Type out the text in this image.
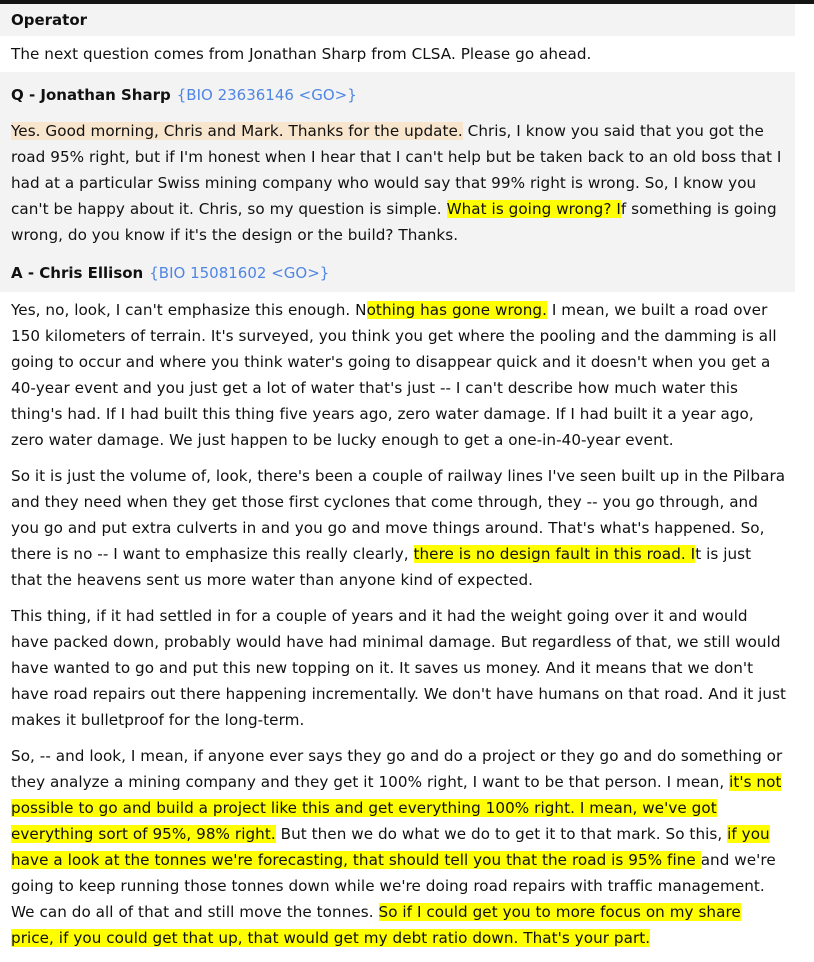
Operator

The next question comes from Jonathan Sharp from CLSA. Please go ahead.

Q - Jonathan Sharp {BIO 23636146 <GO>}

Yes. Good morning, Chris and Mark. Thanks for the update. Chris, I know you said that you got the road 95% right, but if I'm honest when I hear that I can't help but be taken back to an old boss that I had at a particular Swiss mining company who would say that 99% right is wrong. So, I know you can't be happy about it. Chris, so my question is simple. What is going wrong? If something is going wrong, do you know if it's the design or the build? Thanks.

A - Chris Ellison {BIO 15081602 <GO>}

Yes, no, look, I can't emphasize this enough. Nothing has gone wrong. I mean, we built a road over 150 kilometers of terrain. It's surveyed, you think you get where the pooling and the damming is all going to occur and where you think water's going to disappear quick and it doesn't when you get a 40-year event and you just get a lot of water that's just -- I can't describe how much water this thing's had. If I had built this thing five years ago, zero water damage. If I had built it a year ago, zero water damage. We just happen to be lucky enough to get a one-in-40-year event.

So it is just the volume of, look, there's been a couple of railway lines I've seen built up in the Pilbara and they need when they get those first cyclones that come through, they -- you go through, and you go and put extra culverts in and you go and move things around. That's what's happened. So, there is no -- I want to emphasize this really clearly, there is no design fault in this road. It is just that the heavens sent us more water than anyone kind of expected.

This thing, if it had settled in for a couple of years and it had the weight going over it and would have packed down, probably would have had minimal damage. But regardless of that, we still would have wanted to go and put this new topping on it. It saves us money. And it means that we don't have road repairs out there happening incrementally. We don't have humans on that road. And it just makes it bulletproof for the long-term.

So, -- and look, I mean, if anyone ever says they go and do a project or they go and do something or they analyze a mining company and they get it 100% right, I want to be that person. I mean, it's not possible to go and build a project like this and get everything 100% right. I mean, we've got everything sort of 95%, 98% right. But then we do what we do to get it to that mark. So this, if you have a look at the tonnes we're forecasting, that should tell you that the road is 95% fine and we're going to keep running those tonnes down while we're doing road repairs with traffic management. We can do all of that and still move the tonnes. So if I could get you to more focus on my share price, if you could get that up, that would get my debt ratio down. That's your part.
